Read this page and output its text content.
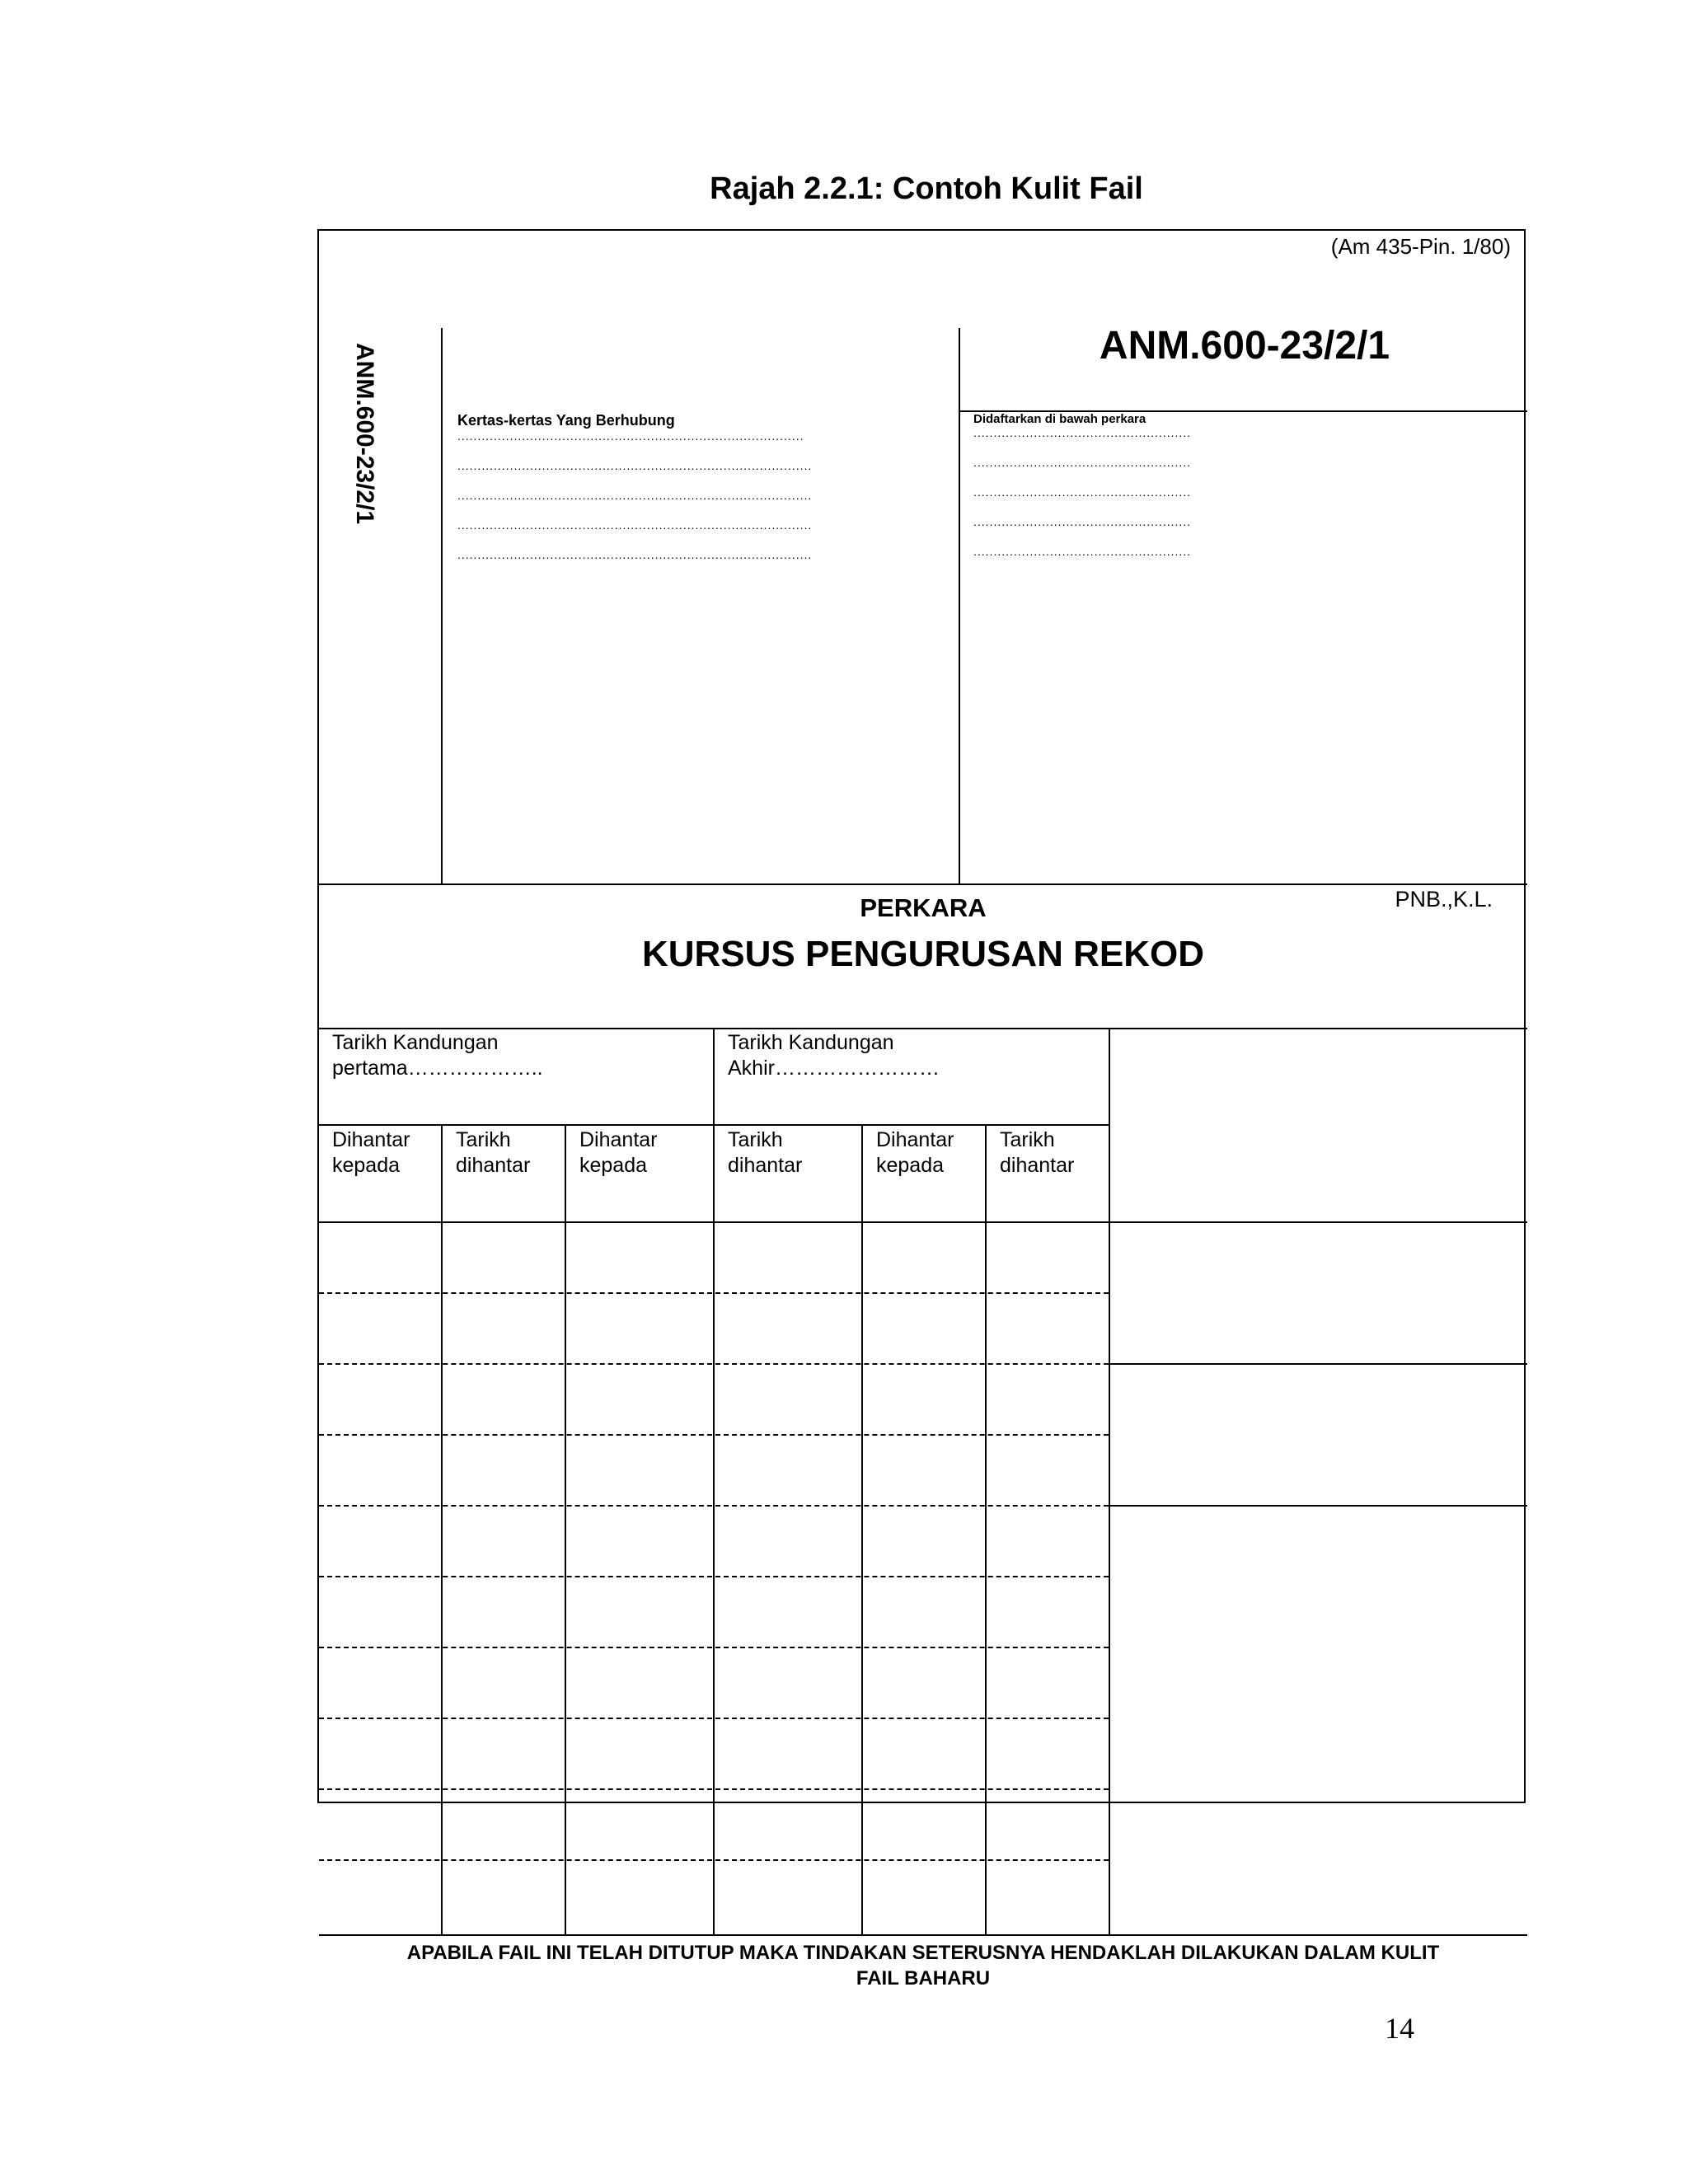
Rajah 2.2.1: Contoh Kulit Fail
(Am 435-Pin. 1/80)
ANM.600-23/2/1	ANM.600-23/2/1
Kertas-kertas Yang Berhubung
......................................................................................
........................................................................................
........................................................................................
........................................................................................
........................................................................................
Didaftarkan di bawah perkara
......................................................
......................................................
......................................................
......................................................
......................................................
PERKARA	PNB.,K.L.
KURSUS PENGURUSAN REKOD
Tarikh Kandungan
pertama………………..
Tarikh Kandungan
Akhir……………………
Dihantar
kepada
Tarikh
dihantar
Dihantar
kepada
Tarikh
dihantar
Dihantar
kepada
Tarikh
dihantar
APABILA FAIL INI TELAH DITUTUP MAKA TINDAKAN SETERUSNYA HENDAKLAH DILAKUKAN DALAM KULIT
FAIL BAHARU
14
